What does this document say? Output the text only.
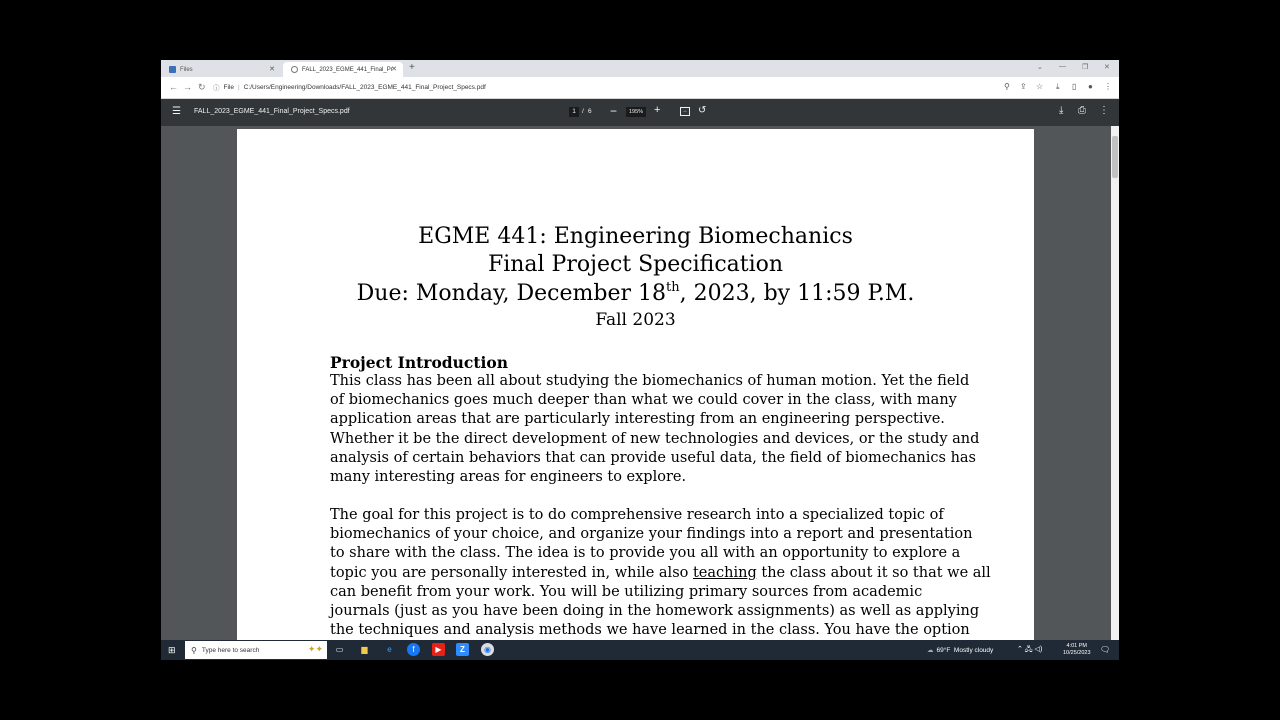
Files	✕	FALL_2023_EGME_441_Final_Pr
✕ +	⌄ — ❐ ✕
← → ↻ ⓘ File | C:/Users/Engineering/Downloads/FALL_2023_EGME_441_Final_Project_Specs.pdf	⚲ ⇪ ☆ ⤓ ▯ ● ⋮
☰ FALL_2023_EGME_441_Final_Project_Specs.pdf	1 / 6 −	195% +	↔ ↺	⤓ ⎙ ⋮
EGME 441: Engineering Biomechanics
Final Project Specification
Due: Monday, December 18th, 2023, by 11:59 P.M.
Fall 2023
Project Introduction
This class has been all about studying the biomechanics of human motion. Yet the field
of biomechanics goes much deeper than what we could cover in the class, with many
application areas that are particularly interesting from an engineering perspective.
Whether it be the direct development of new technologies and devices, or the study and
analysis of certain behaviors that can provide useful data, the field of biomechanics has
many interesting areas for engineers to explore.
The goal for this project is to do comprehensive research into a specialized topic of
biomechanics of your choice, and organize your findings into a report and presentation
to share with the class. The idea is to provide you all with an opportunity to explore a
topic you are personally interested in, while also teaching the class about it so that we all
can benefit from your work. You will be utilizing primary sources from academic
journals (just as you have been doing in the homework assignments) as well as applying
the techniques and analysis methods we have learned in the class. You have the option
⊞ ⚲ Type here to search	✦✦	▭	▆	e	f	▶	Z	◉	☁ 69°F  Mostly cloudy	⌃ 🖧 ◁)	4:01 PM
10/25/2023 🗨
